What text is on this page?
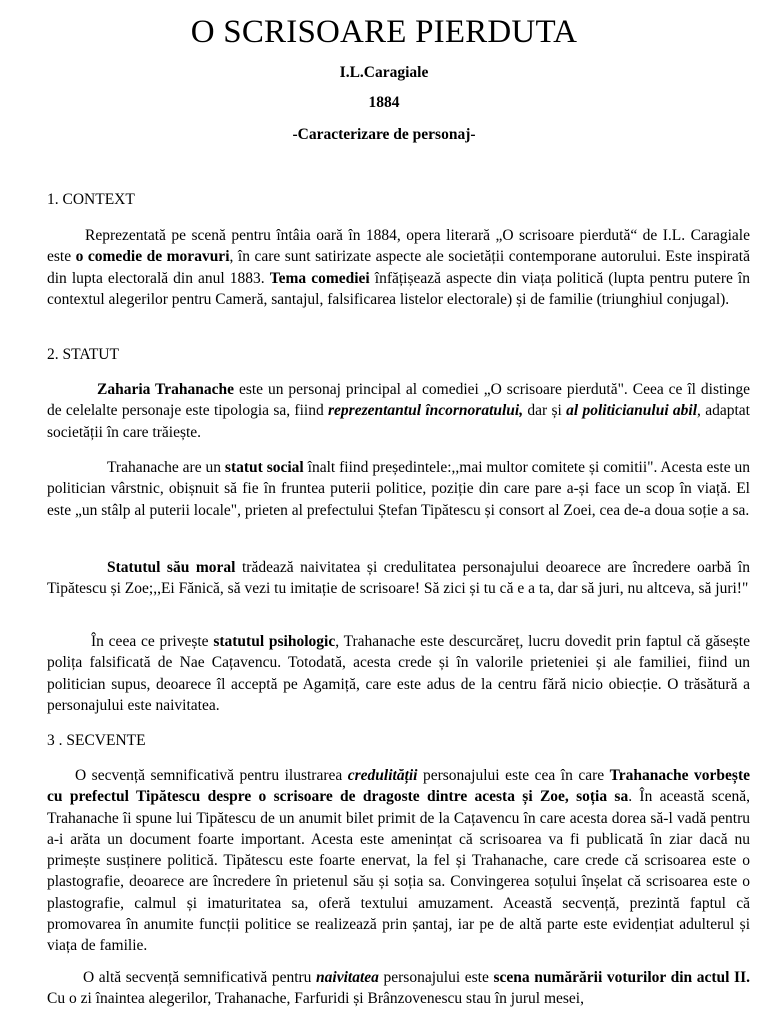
O SCRISOARE PIERDUTA
I.L.Caragiale
1884
-Caracterizare de personaj-
1. CONTEXT

Reprezentată pe scenă pentru întâia oară în 1884, opera literară „O scrisoare pierdută“ de I.L. Caragiale este o comedie de moravuri, în care sunt satirizate aspecte ale societății contemporane autorului. Este inspirată din lupta electorală din anul 1883. Tema comediei înfățișează aspecte din viața politică (lupta pentru putere în contextul alegerilor pentru Cameră, santajul, falsificarea listelor electorale) și de familie (triunghiul conjugal).

2. STATUT

Zaharia Trahanache este un personaj principal al comediei „O scrisoare pierdută". Ceea ce îl distinge de celelalte personaje este tipologia sa, fiind reprezentantul încornoratului, dar și al politicianului abil, adaptat societății în care trăiește.

Trahanache are un statut social înalt fiind președintele:,,mai multor comitete și comitii". Acesta este un politician vârstnic, obișnuit să fie în fruntea puterii politice, poziție din care pare a-și face un scop în viață. El este „un stâlp al puterii locale", prieten al prefectului Ștefan Tipătescu și consort al Zoei, cea de-a doua soție a sa.

Statutul său moral trădează naivitatea și credulitatea personajului deoarece are încredere oarbă în Tipătescu și Zoe;,,Ei Fănică, să vezi tu imitație de scrisoare! Să zici și tu că e a ta, dar să juri, nu altceva, să juri!"

În ceea ce privește statutul psihologic, Trahanache este descurcăreț, lucru dovedit prin faptul că găsește polița falsificată de Nae Cațavencu. Totodată, acesta crede și în valorile prieteniei și ale familiei, fiind un politician supus, deoarece îl acceptă pe Agamiță, care este adus de la centru fără nicio obiecție. O trăsătură a personajului este naivitatea.

3 . SECVENTE

O secvență semnificativă pentru ilustrarea credulității personajului este cea în care Trahanache vorbește cu prefectul Tipătescu despre o scrisoare de dragoste dintre acesta și Zoe, soția sa. În această scenă, Trahanache îi spune lui Tipătescu de un anumit bilet primit de la Cațavencu în care acesta dorea să-l vadă pentru a-i arăta un document foarte important. Acesta este amenințat că scrisoarea va fi publicată în ziar dacă nu primește susținere politică. Tipătescu este foarte enervat, la fel și Trahanache, care crede că scrisoarea este o plastografie, deoarece are încredere în prietenul său și soția sa. Convingerea soțului înșelat că scrisoarea este o plastografie, calmul și imaturitatea sa, oferă textului amuzament. Această secvență, prezintă faptul că promovarea în anumite funcții politice se realizează prin șantaj, iar pe de altă parte este evidențiat adulterul și viața de familie.

O altă secvență semnificativă pentru naivitatea personajului este scena numărării voturilor din actul II. Cu o zi înaintea alegerilor, Trahanache, Farfuridi și Brânzovenescu stau în jurul mesei,
